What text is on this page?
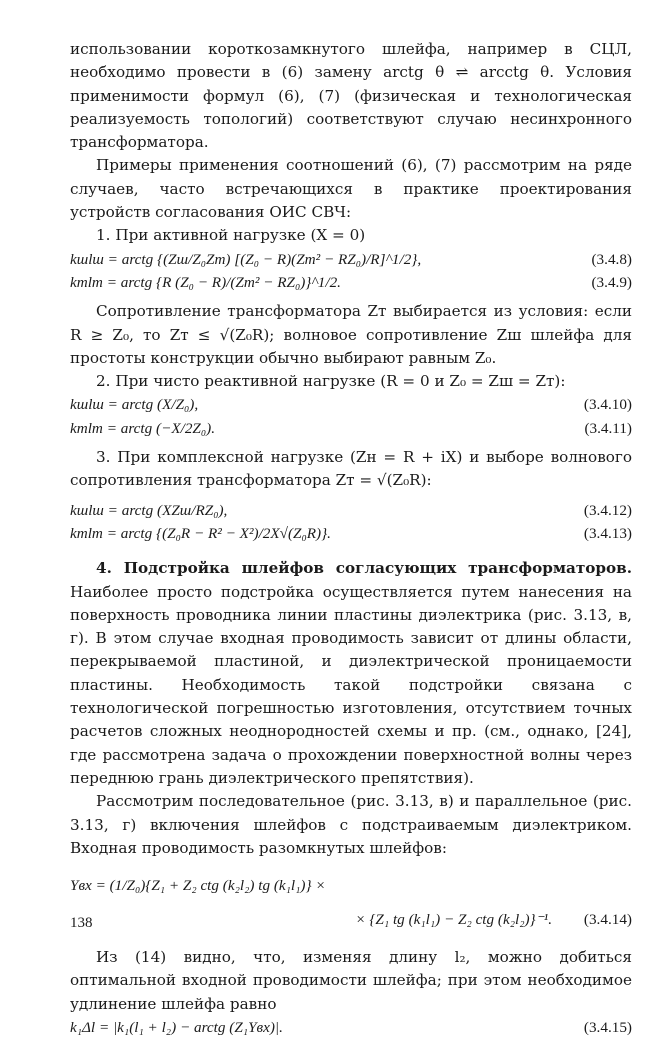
использовании короткозамкнутого шлейфа, например в СЦЛ, необходимо провести в (6) замену arctg θ ⇌ arcctg θ. Условия применимости формул (6), (7) (физическая и технологическая реализуемость топологий) соответствуют случаю несинхронного трансформатора.

Примеры применения соотношений (6), (7) рассмотрим на ряде случаев, часто встречающихся в практике проектирования устройств согласования ОИС СВЧ:

1. При активной нагрузке (X = 0)

kшlш = arctg {(Zш/Z₀Zт) [(Z₀ − R)(Zт² − RZ₀)/R]^1/2},	(3.4.8)
kтlт = arctg {R (Z₀ − R)/(Zт² − RZ₀)}^1/2.	(3.4.9)

Сопротивление трансформатора Zт выбирается из условия: если R ≥ Z₀, то Zт ≤ √(Z₀R); волновое сопротивление Zш шлейфа для простоты конструкции обычно выбирают равным Z₀.

2. При чисто реактивной нагрузке (R = 0 и Z₀ = Zш = Zт):

kшlш = arctg (X/Z₀),	(3.4.10)
kтlт = arctg (−X/2Z₀).	(3.4.11)

3. При комплексной нагрузке (Zн = R + iX) и выборе волнового сопротивления трансформатора Zт = √(Z₀R):

kшlш = arctg (XZш/RZ₀),	(3.4.12)
kтlт = arctg {(Z₀R − R² − X²)/2X√(Z₀R)}.	(3.4.13)

4. Подстройка шлейфов согласующих трансформаторов. Наиболее просто подстройка осуществляется путем нанесения на поверхность проводника линии пластины диэлектрика (рис. 3.13, в, г). В этом случае входная проводимость зависит от длины области, перекрываемой пластиной, и диэлектрической проницаемости пластины. Необходимость такой подстройки связана с технологической погрешностью изготовления, отсутствием точных расчетов сложных неоднородностей схемы и пр. (см., однако, [24], где рассмотрена задача о прохождении поверхностной волны через переднюю грань диэлектрического препятствия).

Рассмотрим последовательное (рис. 3.13, в) и параллельное (рис. 3.13, г) включения шлейфов с подстраиваемым диэлектриком. Входная проводимость разомкнутых шлейфов:

Yвх = (1/Z₀){Z₁ + Z₂ ctg (k₂l₂) tg (k₁l₁)} ×
× {Z₁ tg (k₁l₁) − Z₂ ctg (k₂l₂)}⁻¹. (3.4.14)

Из (14) видно, что, изменяя длину l₂, можно добиться оптимальной входной проводимости шлейфа; при этом необходимое удлинение шлейфа равно

k₁Δl = |k₁(l₁ + l₂) − arctg (Z₁Yвх)|.	(3.4.15)
138
